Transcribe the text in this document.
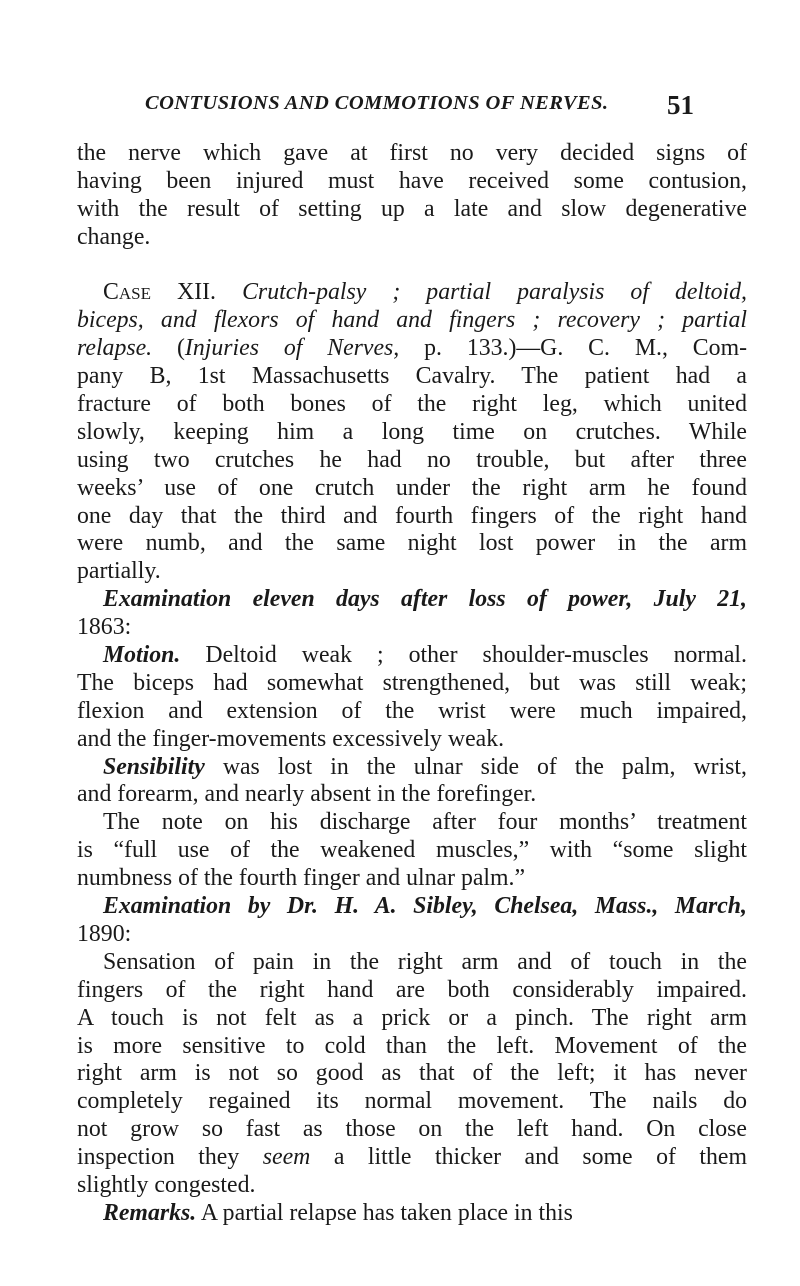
CONTUSIONS AND COMMOTIONS OF NERVES. 51
the nerve which gave at first no very decided signs of
having been injured must have received some contusion,
with the result of setting up a late and slow degenerative
change.
Case XII. Crutch-palsy ; partial paralysis of deltoid,
biceps, and flexors of hand and fingers ; recovery ; partial
relapse. (Injuries of Nerves, p. 133.)—G. C. M., Com-
pany B, 1st Massachusetts Cavalry. The patient had a
fracture of both bones of the right leg, which united
slowly, keeping him a long time on crutches. While
using two crutches he had no trouble, but after three
weeks’ use of one crutch under the right arm he found
one day that the third and fourth fingers of the right hand
were numb, and the same night lost power in the arm
partially.
Examination eleven days after loss of power, July 21,
1863:
Motion. Deltoid weak ; other shoulder-muscles normal.
The biceps had somewhat strengthened, but was still weak;
flexion and extension of the wrist were much impaired,
and the finger-movements excessively weak.
Sensibility was lost in the ulnar side of the palm, wrist,
and forearm, and nearly absent in the forefinger.
The note on his discharge after four months’ treatment
is “full use of the weakened muscles,” with “some slight
numbness of the fourth finger and ulnar palm.”
Examination by Dr. H. A. Sibley, Chelsea, Mass., March,
1890:
Sensation of pain in the right arm and of touch in the
fingers of the right hand are both considerably impaired.
A touch is not felt as a prick or a pinch. The right arm
is more sensitive to cold than the left. Movement of the
right arm is not so good as that of the left; it has never
completely regained its normal movement. The nails do
not grow so fast as those on the left hand. On close
inspection they seem a little thicker and some of them
slightly congested.
Remarks. A partial relapse has taken place in this
